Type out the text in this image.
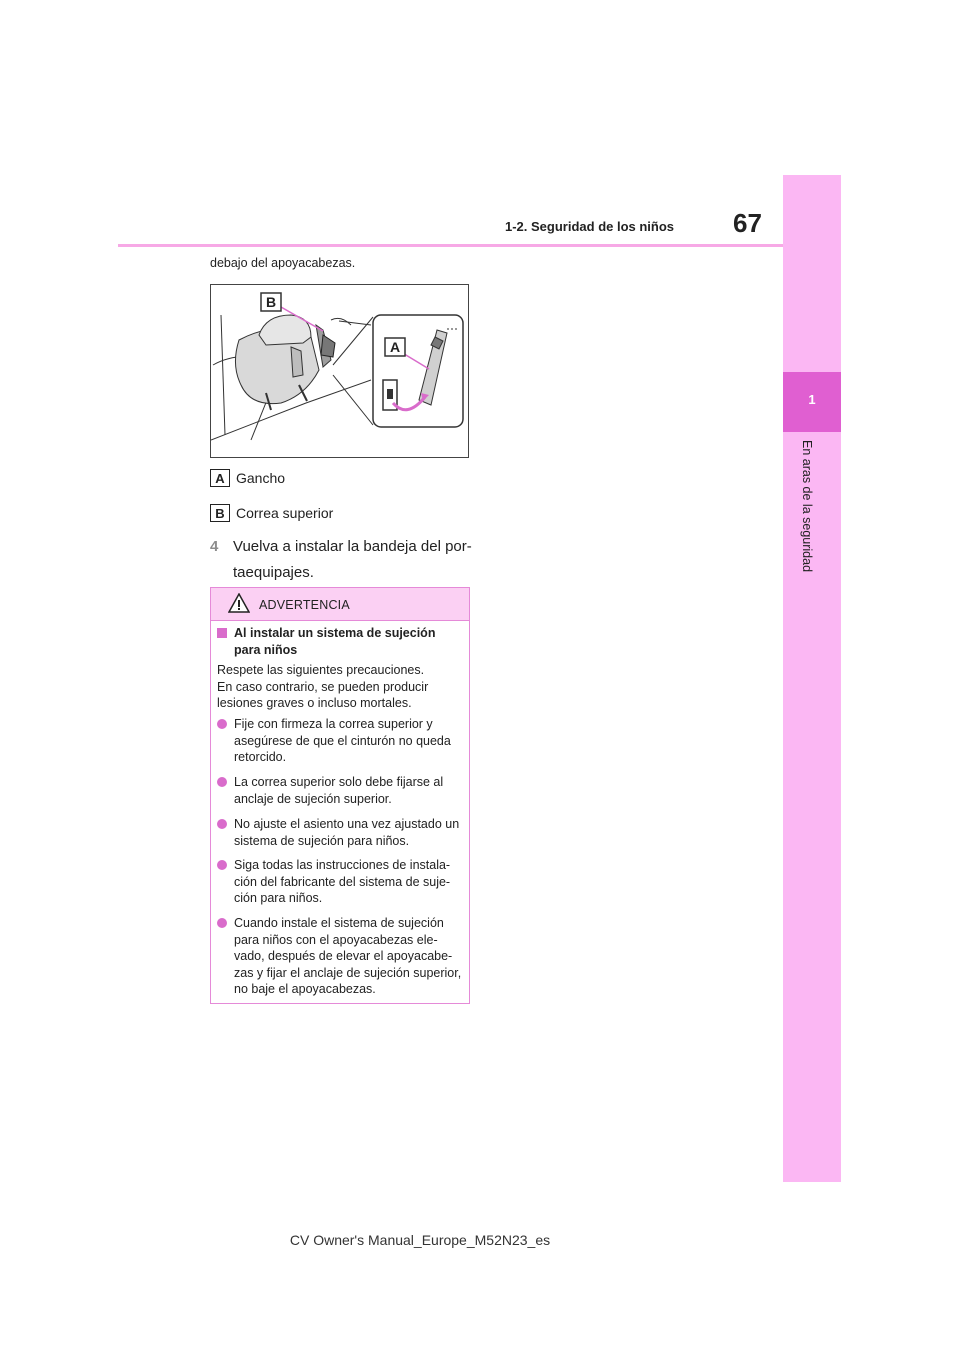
1
En aras de la seguridad
1-2. Seguridad de los niños 67
debajo del apoyacabezas.
B
A
A Gancho
B Correa superior
4 Vuelva a instalar la bandeja del por-taequipajes.
ADVERTENCIA
Al instalar un sistema de sujeción para niños
Respete las siguientes precauciones.
En caso contrario, se pueden producir lesiones graves o incluso mortales.
Fije con firmeza la correa superior y asegúrese de que el cinturón no queda retorcido.
La correa superior solo debe fijarse al anclaje de sujeción superior.
No ajuste el asiento una vez ajustado un sistema de sujeción para niños.
Siga todas las instrucciones de instala-ción del fabricante del sistema de suje-ción para niños.
Cuando instale el sistema de sujeción para niños con el apoyacabezas ele-vado, después de elevar el apoyacabe-zas y fijar el anclaje de sujeción superior, no baje el apoyacabezas.
CV Owner's Manual_Europe_M52N23_es
